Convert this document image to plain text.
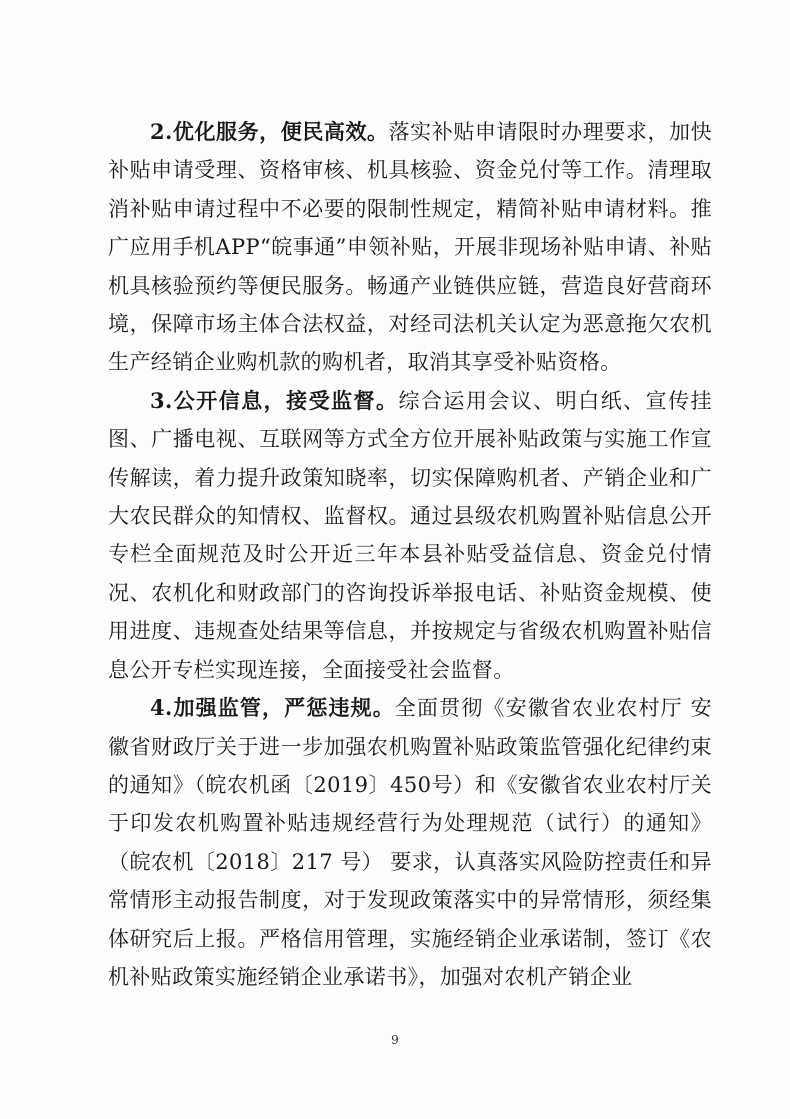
2.优化服务，便民高效。落实补贴申请限时办理要求，加快补贴申请受理、资格审核、机具核验、资金兑付等工作。清理取消补贴申请过程中不必要的限制性规定，精简补贴申请材料。推广应用手机APP“皖事通”申领补贴，开展非现场补贴申请、补贴机具核验预约等便民服务。畅通产业链供应链，营造良好营商环境，保障市场主体合法权益，对经司法机关认定为恶意拖欠农机生产经销企业购机款的购机者，取消其享受补贴资格。

3.公开信息，接受监督。综合运用会议、明白纸、宣传挂图、广播电视、互联网等方式全方位开展补贴政策与实施工作宣传解读，着力提升政策知晓率，切实保障购机者、产销企业和广大农民群众的知情权、监督权。通过县级农机购置补贴信息公开专栏全面规范及时公开近三年本县补贴受益信息、资金兑付情况、农机化和财政部门的咨询投诉举报电话、补贴资金规模、使用进度、违规查处结果等信息，并按规定与省级农机购置补贴信息公开专栏实现连接，全面接受社会监督。

4.加强监管，严惩违规。全面贯彻《安徽省农业农村厅 安徽省财政厅关于进一步加强农机购置补贴政策监管强化纪律约束的通知》（皖农机函〔2019〕450号）和《安徽省农业农村厅关于印发农机购置补贴违规经营行为处理规范（试行）的通知》（皖农机〔2018〕217 号） 要求，认真落实风险防控责任和异常情形主动报告制度，对于发现政策落实中的异常情形，须经集体研究后上报。严格信用管理，实施经销企业承诺制，签订《农机补贴政策实施经销企业承诺书》，加强对农机产销企业

9
